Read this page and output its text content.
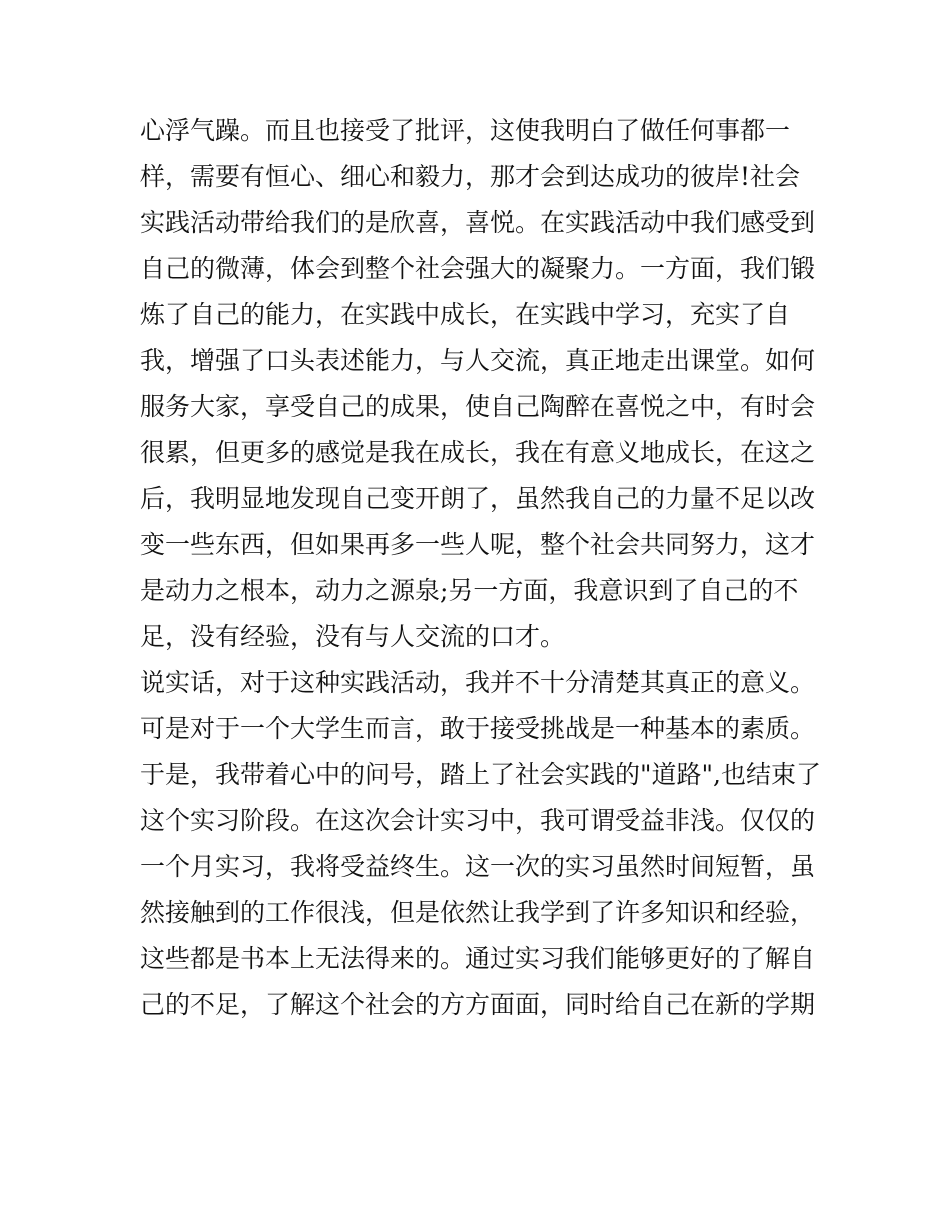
心浮气躁。而且也接受了批评，这使我明白了做任何事都一
样，需要有恒心、细心和毅力，那才会到达成功的彼岸!社会
实践活动带给我们的是欣喜，喜悦。在实践活动中我们感受到
自己的微薄，体会到整个社会强大的凝聚力。一方面，我们锻
炼了自己的能力，在实践中成长，在实践中学习，充实了自
我，增强了口头表述能力，与人交流，真正地走出课堂。如何
服务大家，享受自己的成果，使自己陶醉在喜悦之中，有时会
很累，但更多的感觉是我在成长，我在有意义地成长，在这之
后，我明显地发现自己变开朗了，虽然我自己的力量不足以改
变一些东西，但如果再多一些人呢，整个社会共同努力，这才
是动力之根本，动力之源泉;另一方面，我意识到了自己的不
足，没有经验，没有与人交流的口才。
说实话，对于这种实践活动，我并不十分清楚其真正的意义。
可是对于一个大学生而言，敢于接受挑战是一种基本的素质。
于是，我带着心中的问号，踏上了社会实践的"道路",也结束了
这个实习阶段。在这次会计实习中，我可谓受益非浅。仅仅的
一个月实习，我将受益终生。这一次的实习虽然时间短暂，虽
然接触到的工作很浅，但是依然让我学到了许多知识和经验，
这些都是书本上无法得来的。通过实习我们能够更好的了解自
己的不足，了解这个社会的方方面面，同时给自己在新的学期
